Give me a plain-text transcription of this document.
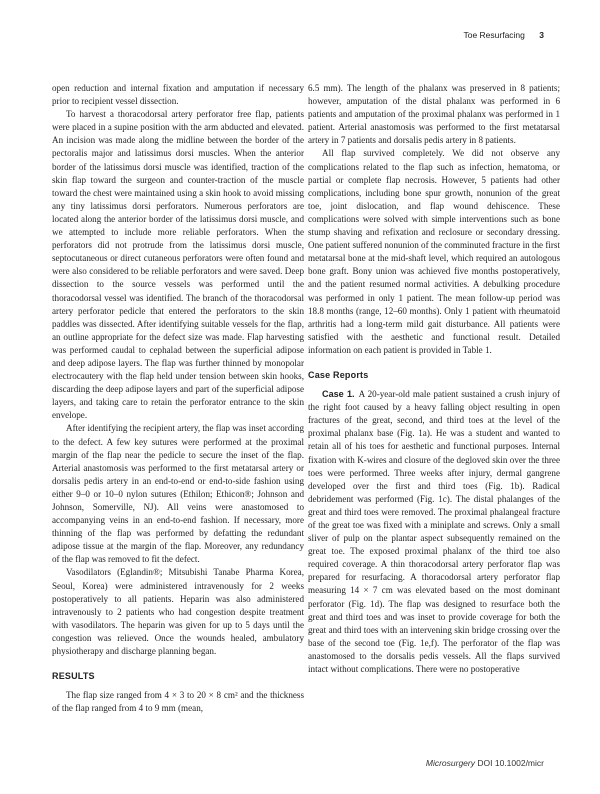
Toe Resurfacing 3

open reduction and internal fixation and amputation if necessary prior to recipient vessel dissection.

To harvest a thoracodorsal artery perforator free flap, patients were placed in a supine position with the arm abducted and elevated. An incision was made along the midline between the border of the pectoralis major and latissimus dorsi muscles. When the anterior border of the latissimus dorsi muscle was identified, traction of the skin flap toward the surgeon and counter-traction of the muscle toward the chest were maintained using a skin hook to avoid missing any tiny latissimus dorsi perforators. Numerous perforators are located along the anterior border of the latissimus dorsi muscle, and we attempted to include more reliable perforators. When the perforators did not protrude from the latissimus dorsi muscle, septocutaneous or direct cutaneous perforators were often found and were also considered to be reliable perforators and were saved. Deep dissection to the source vessels was performed until the thoracodorsal vessel was identified. The branch of the thoracodorsal artery perforator pedicle that entered the perforators to the skin paddles was dissected. After identifying suitable vessels for the flap, an outline appropriate for the defect size was made. Flap harvesting was performed caudal to cephalad between the superficial adipose and deep adipose layers. The flap was further thinned by monopolar electrocautery with the flap held under tension between skin hooks, discarding the deep adipose layers and part of the superficial adipose layers, and taking care to retain the perforator entrance to the skin envelope.

After identifying the recipient artery, the flap was inset according to the defect. A few key sutures were performed at the proximal margin of the flap near the pedicle to secure the inset of the flap. Arterial anastomosis was performed to the first metatarsal artery or dorsalis pedis artery in an end-to-end or end-to-side fashion using either 9–0 or 10–0 nylon sutures (Ethilon; Ethicon®; Johnson and Johnson, Somerville, NJ). All veins were anastomosed to accompanying veins in an end-to-end fashion. If necessary, more thinning of the flap was performed by defatting the redundant adipose tissue at the margin of the flap. Moreover, any redundancy of the flap was removed to fit the defect.

Vasodilators (Eglandin®; Mitsubishi Tanabe Pharma Korea, Seoul, Korea) were administered intravenously for 2 weeks postoperatively to all patients. Heparin was also administered intravenously to 2 patients who had congestion despite treatment with vasodilators. The heparin was given for up to 5 days until the congestion was relieved. Once the wounds healed, ambulatory physiotherapy and discharge planning began.

RESULTS

The flap size ranged from 4 × 3 to 20 × 8 cm² and the thickness of the flap ranged from 4 to 9 mm (mean,

6.5 mm). The length of the phalanx was preserved in 8 patients; however, amputation of the distal phalanx was performed in 6 patients and amputation of the proximal phalanx was performed in 1 patient. Arterial anastomosis was performed to the first metatarsal artery in 7 patients and dorsalis pedis artery in 8 patients.

All flap survived completely. We did not observe any complications related to the flap such as infection, hematoma, or partial or complete flap necrosis. However, 5 patients had other complications, including bone spur growth, nonunion of the great toe, joint dislocation, and flap wound dehiscence. These complications were solved with simple interventions such as bone stump shaving and refixation and reclosure or secondary dressing. One patient suffered nonunion of the comminuted fracture in the first metatarsal bone at the mid-shaft level, which required an autologous bone graft. Bony union was achieved five months postoperatively, and the patient resumed normal activities. A debulking procedure was performed in only 1 patient. The mean follow-up period was 18.8 months (range, 12–60 months). Only 1 patient with rheumatoid arthritis had a long-term mild gait disturbance. All patients were satisfied with the aesthetic and functional result. Detailed information on each patient is provided in Table 1.

Case Reports

Case 1. A 20-year-old male patient sustained a crush injury of the right foot caused by a heavy falling object resulting in open fractures of the great, second, and third toes at the level of the proximal phalanx base (Fig. 1a). He was a student and wanted to retain all of his toes for aesthetic and functional purposes. Internal fixation with K-wires and closure of the degloved skin over the three toes were performed. Three weeks after injury, dermal gangrene developed over the first and third toes (Fig. 1b). Radical debridement was performed (Fig. 1c). The distal phalanges of the great and third toes were removed. The proximal phalangeal fracture of the great toe was fixed with a miniplate and screws. Only a small sliver of pulp on the plantar aspect subsequently remained on the great toe. The exposed proximal phalanx of the third toe also required coverage. A thin thoracodorsal artery perforator flap was prepared for resurfacing. A thoracodorsal artery perforator flap measuring 14 × 7 cm was elevated based on the most dominant perforator (Fig. 1d). The flap was designed to resurface both the great and third toes and was inset to provide coverage for both the great and third toes with an intervening skin bridge crossing over the base of the second toe (Fig. 1e,f). The perforator of the flap was anastomosed to the dorsalis pedis vessels. All the flaps survived intact without complications. There were no postoperative

Microsurgery DOI 10.1002/micr
